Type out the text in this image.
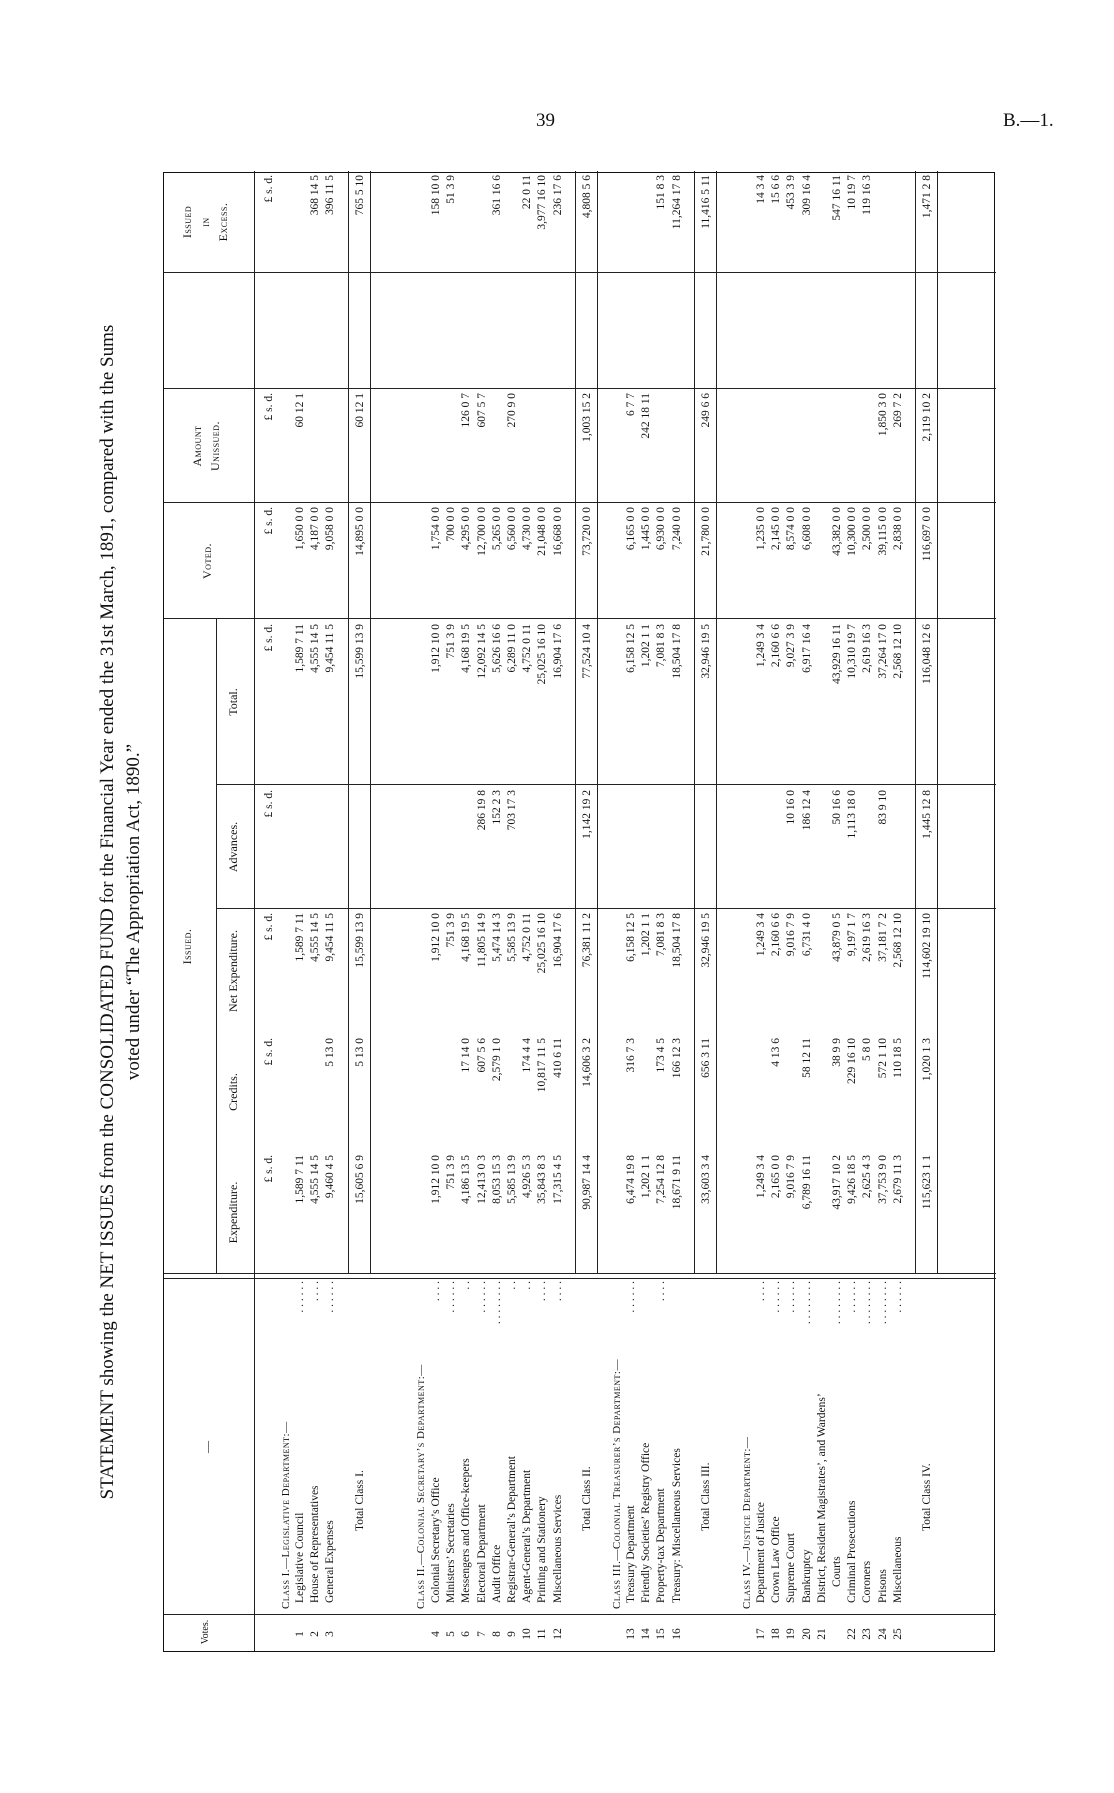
39	B.—1.
STATEMENT showing the NET ISSUES from the CONSOLIDATED FUND for the Financial Year ended the 31st March, 1891, compared with the Sums voted under “The Appropriation Act, 1890.”
Votes.
—
Issued.
Expenditure.
Credits.
Net Expenditure.
Advances.
Total.
Voted.
Amount Unissued.
Issued in Excess.
£ s. d.
£ s. d.
£ s. d.
£ s. d.
£ s. d.
£ s. d.
£ s. d.
£ s. d.
Class I.—Legislative Department:—
1
Legislative Council
. . . . . .
1,589 7 11
1,589 7 11
1,589 7 11
1,650 0 0
60 12 1
2
House of Representatives
. . . .
4,555 14 5
4,555 14 5
4,555 14 5
4,187 0 0
368 14 5
3
General Expenses
. . . . . .
9,460 4 5
5 13 0
9,454 11 5
9,454 11 5
9,058 0 0
396 11 5
Total Class I.
15,605 6 9
5 13 0
15,599 13 9
15,599 13 9
14,895 0 0
60 12 1
765 5 10
Class II.—Colonial Secretary’s Department:—
4
Colonial Secretary’s Office
. . . .
1,912 10 0
1,912 10 0
1,912 10 0
1,754 0 0
158 10 0
5
Ministers’ Secretaries
. . . . . .
751 3 9
751 3 9
751 3 9
700 0 0
51 3 9
6
Messengers and Office-keepers
. .
4,186 13 5
17 14 0
4,168 19 5
4,168 19 5
4,295 0 0
126 0 7
7
Electoral Department
. . . . . .
12,413 0 3
607 5 6
11,805 14 9
286 19 8
12,092 14 5
12,700 0 0
607 5 7
8
Audit Office
. . . . . . . .
8,053 15 3
2,579 1 0
5,474 14 3
152 2 3
5,626 16 6
5,265 0 0
361 16 6
9
Registrar-General’s Department
. .
5,585 13 9
5,585 13 9
703 17 3
6,289 11 0
6,560 0 0
270 9 0
10
Agent-General’s Department
. .
4,926 5 3
174 4 4
4,752 0 11
4,752 0 11
4,730 0 0
22 0 11
11
Printing and Stationery
. . . .
35,843 8 3
10,817 11 5
25,025 16 10
25,025 16 10
21,048 0 0
3,977 16 10
12
Miscellaneous Services
. . . .
17,315 4 5
410 6 11
16,904 17 6
16,904 17 6
16,668 0 0
236 17 6
Total Class II.
90,987 14 4
14,606 3 2
76,381 11 2
1,142 19 2
77,524 10 4
73,720 0 0
1,003 15 2
4,808 5 6
Class III.—Colonial Treasurer’s Department:—
13
Treasury Department
. . . . . .
6,474 19 8
316 7 3
6,158 12 5
6,158 12 5
6,165 0 0
6 7 7
14
Friendly Societies’ Registry Office
1,202 1 1
1,202 1 1
1,202 1 1
1,445 0 0
242 18 11
15
Property-tax Department
. . . .
7,254 12 8
173 4 5
7,081 8 3
7,081 8 3
6,930 0 0
151 8 3
16
Treasury: Miscellaneous Services
18,671 9 11
166 12 3
18,504 17 8
18,504 17 8
7,240 0 0
11,264 17 8
Total Class III.
33,603 3 4
656 3 11
32,946 19 5
32,946 19 5
21,780 0 0
249 6 6
11,416 5 11
Class IV.—Justice Department:—
17
Department of Justice
. . . .
1,249 3 4
1,249 3 4
1,249 3 4
1,235 0 0
14 3 4
18
Crown Law Office
. . . . . .
2,165 0 0
4 13 6
2,160 6 6
2,160 6 6
2,145 0 0
15 6 6
19
Supreme Court
. . . . . .
9,016 7 9
9,016 7 9
10 16 0
9,027 3 9
8,574 0 0
453 3 9
20
Bankruptcy
. . . . . . . .
6,789 16 11
58 12 11
6,731 4 0
186 12 4
6,917 16 4
6,608 0 0
309 16 4
21
District, Resident Magistrates’, and Wardens’ Courts
. . . . . . . .
43,917 10 2
38 9 9
43,879 0 5
50 16 6
43,929 16 11
43,382 0 0
547 16 11
22
Criminal Prosecutions
. . . . . .
9,426 18 5
229 16 10
9,197 1 7
1,113 18 0
10,310 19 7
10,300 0 0
10 19 7
23
Coroners
. . . . . . . .
2,625 4 3
5 8 0
2,619 16 3
2,619 16 3
2,500 0 0
119 16 3
24
Prisons
. . . . . . . .
37,753 9 0
572 1 10
37,181 7 2
83 9 10
37,264 17 0
39,115 0 0
1,850 3 0
25
Miscellaneous
. . . . . .
2,679 11 3
110 18 5
2,568 12 10
2,568 12 10
2,838 0 0
269 7 2
Total Class IV.
115,623 1 1
1,020 1 3
114,602 19 10
1,445 12 8
116,048 12 6
116,697 0 0
2,119 10 2
1,471 2 8
